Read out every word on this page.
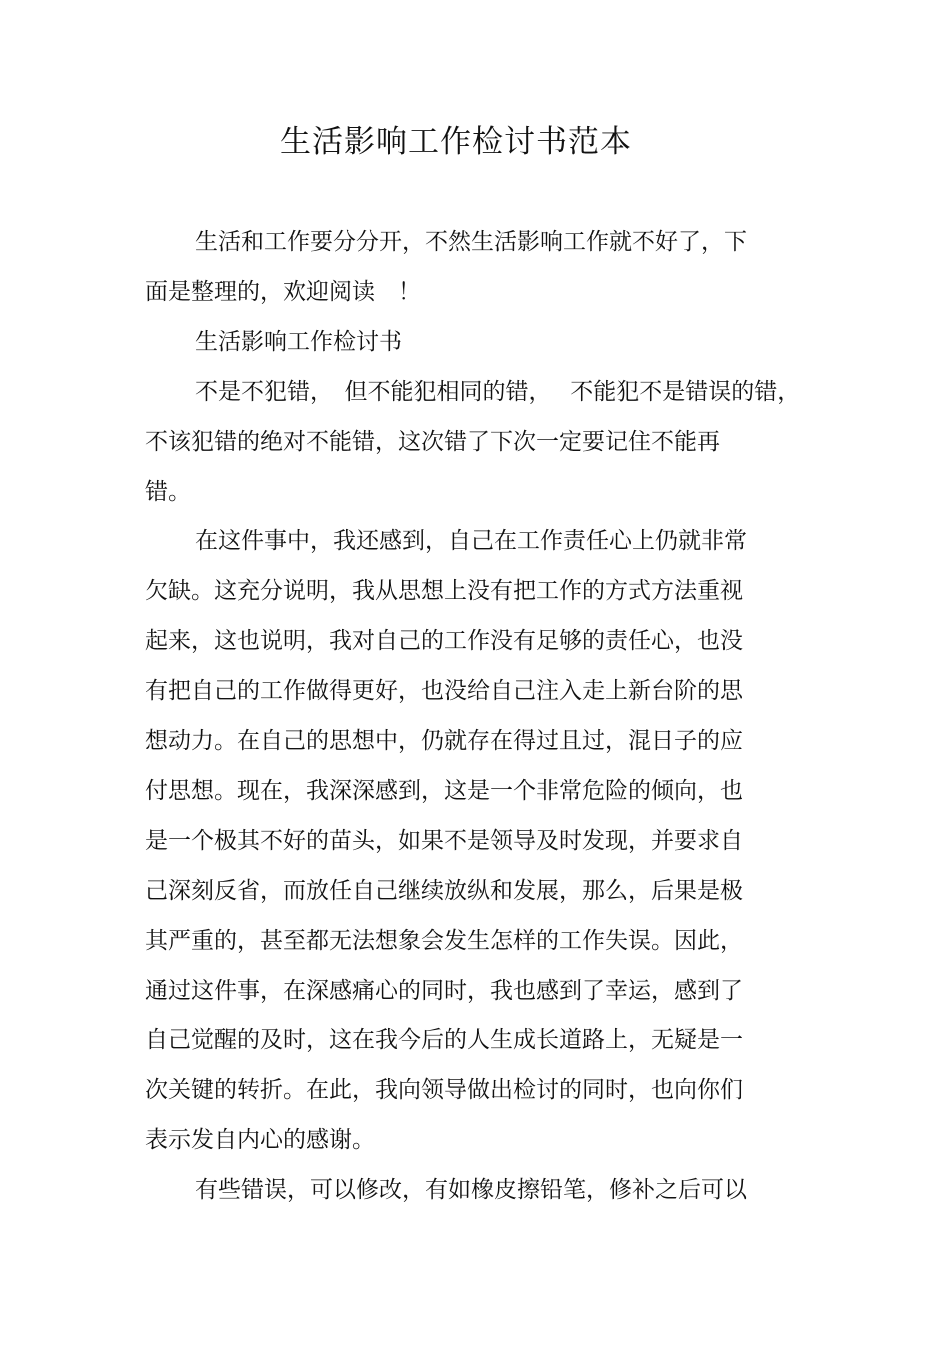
生活影响工作检讨书范本

生活和工作要分分开，不然生活影响工作就不好了，下

面是整理的，欢迎阅读　！

生活影响工作检讨书

不是不犯错，　但不能犯相同的错，　 不能犯不是错误的错，

不该犯错的绝对不能错，这次错了下次一定要记住不能再

错。

在这件事中，我还感到，自己在工作责任心上仍就非常

欠缺。这充分说明，我从思想上没有把工作的方式方法重视

起来，这也说明，我对自己的工作没有足够的责任心，也没

有把自己的工作做得更好，也没给自己注入走上新台阶的思

想动力。在自己的思想中，仍就存在得过且过，混日子的应

付思想。现在，我深深感到，这是一个非常危险的倾向，也

是一个极其不好的苗头，如果不是领导及时发现，并要求自

己深刻反省，而放任自己继续放纵和发展，那么，后果是极

其严重的，甚至都无法想象会发生怎样的工作失误。因此，

通过这件事，在深感痛心的同时，我也感到了幸运，感到了

自己觉醒的及时，这在我今后的人生成长道路上，无疑是一

次关键的转折。在此，我向领导做出检讨的同时，也向你们

表示发自内心的感谢。

有些错误，可以修改，有如橡皮擦铅笔，修补之后可以
